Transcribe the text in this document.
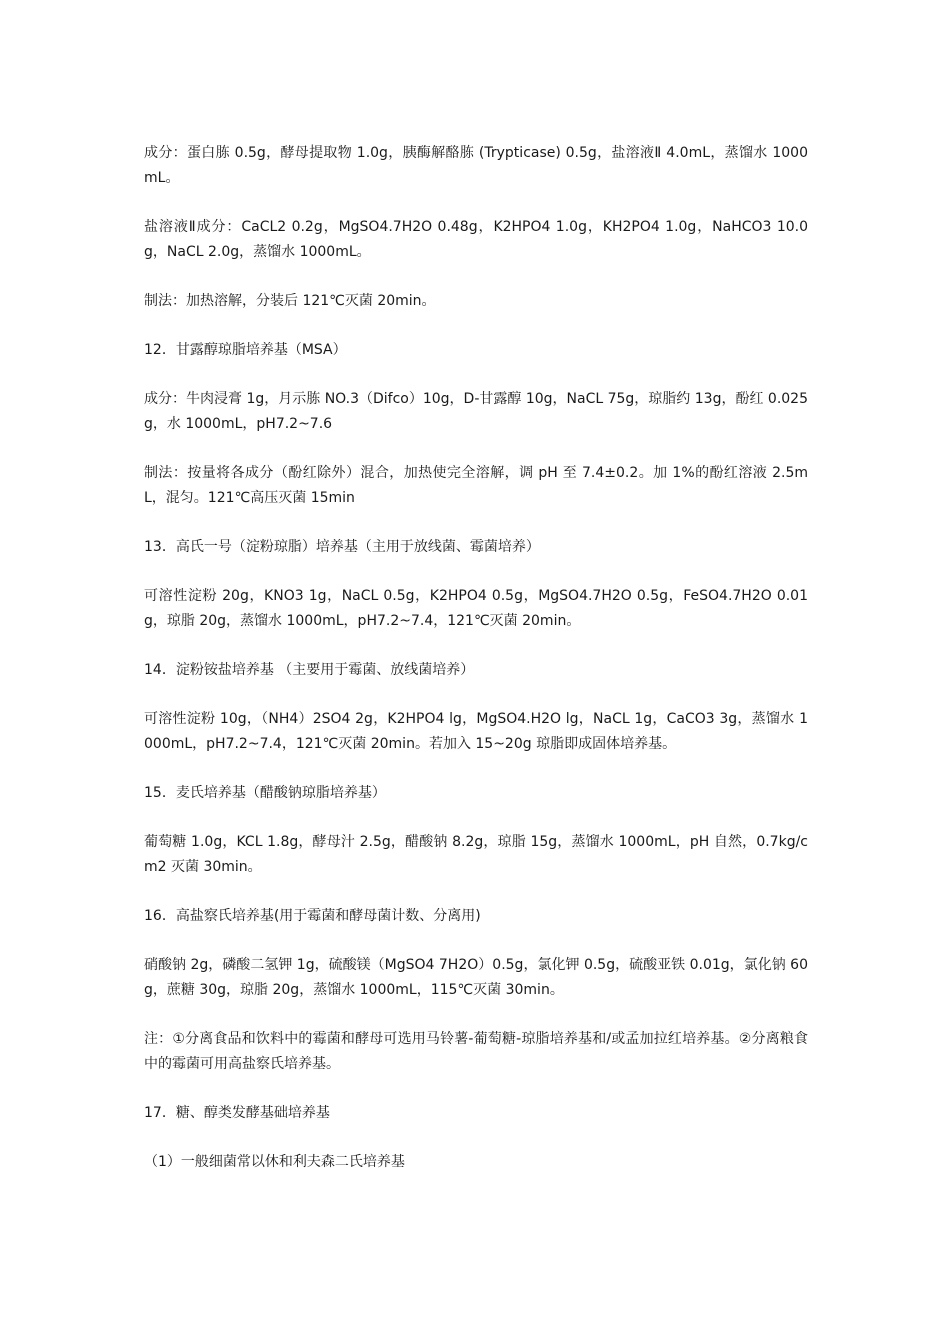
成分：蛋白胨 0.5g，酵母提取物 1.0g，胰酶解酪胨 (Trypticase) 0.5g，盐溶液Ⅱ 4.0mL，蒸馏水 1000mL。

盐溶液Ⅱ成分：CaCL2 0.2g，MgSO4.7H2O 0.48g，K2HPO4 1.0g，KH2PO4 1.0g，NaHCO3 10.0g，NaCL 2.0g，蒸馏水 1000mL。

制法：加热溶解，分装后 121℃灭菌 20min。

12．甘露醇琼脂培养基（MSA）

成分：牛肉浸膏 1g，月示胨 NO.3（Difco）10g，D-甘露醇 10g，NaCL 75g，琼脂约 13g，酚红 0.025g，水 1000mL，pH7.2~7.6

制法：按量将各成分（酚红除外）混合，加热使完全溶解，调 pH 至 7.4±0.2。加 1%的酚红溶液 2.5mL，混匀。121℃高压灭菌 15min

13．高氏一号（淀粉琼脂）培养基（主用于放线菌、霉菌培养）

可溶性淀粉 20g，KNO3 1g，NaCL 0.5g，K2HPO4 0.5g，MgSO4.7H2O 0.5g，FeSO4.7H2O 0.01g，琼脂 20g，蒸馏水 1000mL，pH7.2~7.4，121℃灭菌 20min。

14．淀粉铵盐培养基 （主要用于霉菌、放线菌培养）

可溶性淀粉 10g，（NH4）2SO4 2g，K2HPO4 lg，MgSO4.H2O lg，NaCL 1g，CaCO3 3g，蒸馏水 1000mL，pH7.2~7.4，121℃灭菌 20min。若加入 15~20g 琼脂即成固体培养基。

15．麦氏培养基（醋酸钠琼脂培养基）

葡萄糖 1.0g，KCL 1.8g，酵母汁 2.5g，醋酸钠 8.2g，琼脂 15g，蒸馏水 1000mL，pH 自然，0.7kg/cm2 灭菌 30min。

16．高盐察氏培养基(用于霉菌和酵母菌计数、分离用)

硝酸钠 2g，磷酸二氢钾 1g，硫酸镁（MgSO4 7H2O）0.5g，氯化钾 0.5g，硫酸亚铁 0.01g，氯化钠 60g，蔗糖 30g，琼脂 20g，蒸馏水 1000mL，115℃灭菌 30min。

注：①分离食品和饮料中的霉菌和酵母可选用马铃薯-葡萄糖-琼脂培养基和/或孟加拉红培养基。②分离粮食中的霉菌可用高盐察氏培养基。

17．糖、醇类发酵基础培养基

（1）一般细菌常以休和利夫森二氏培养基
